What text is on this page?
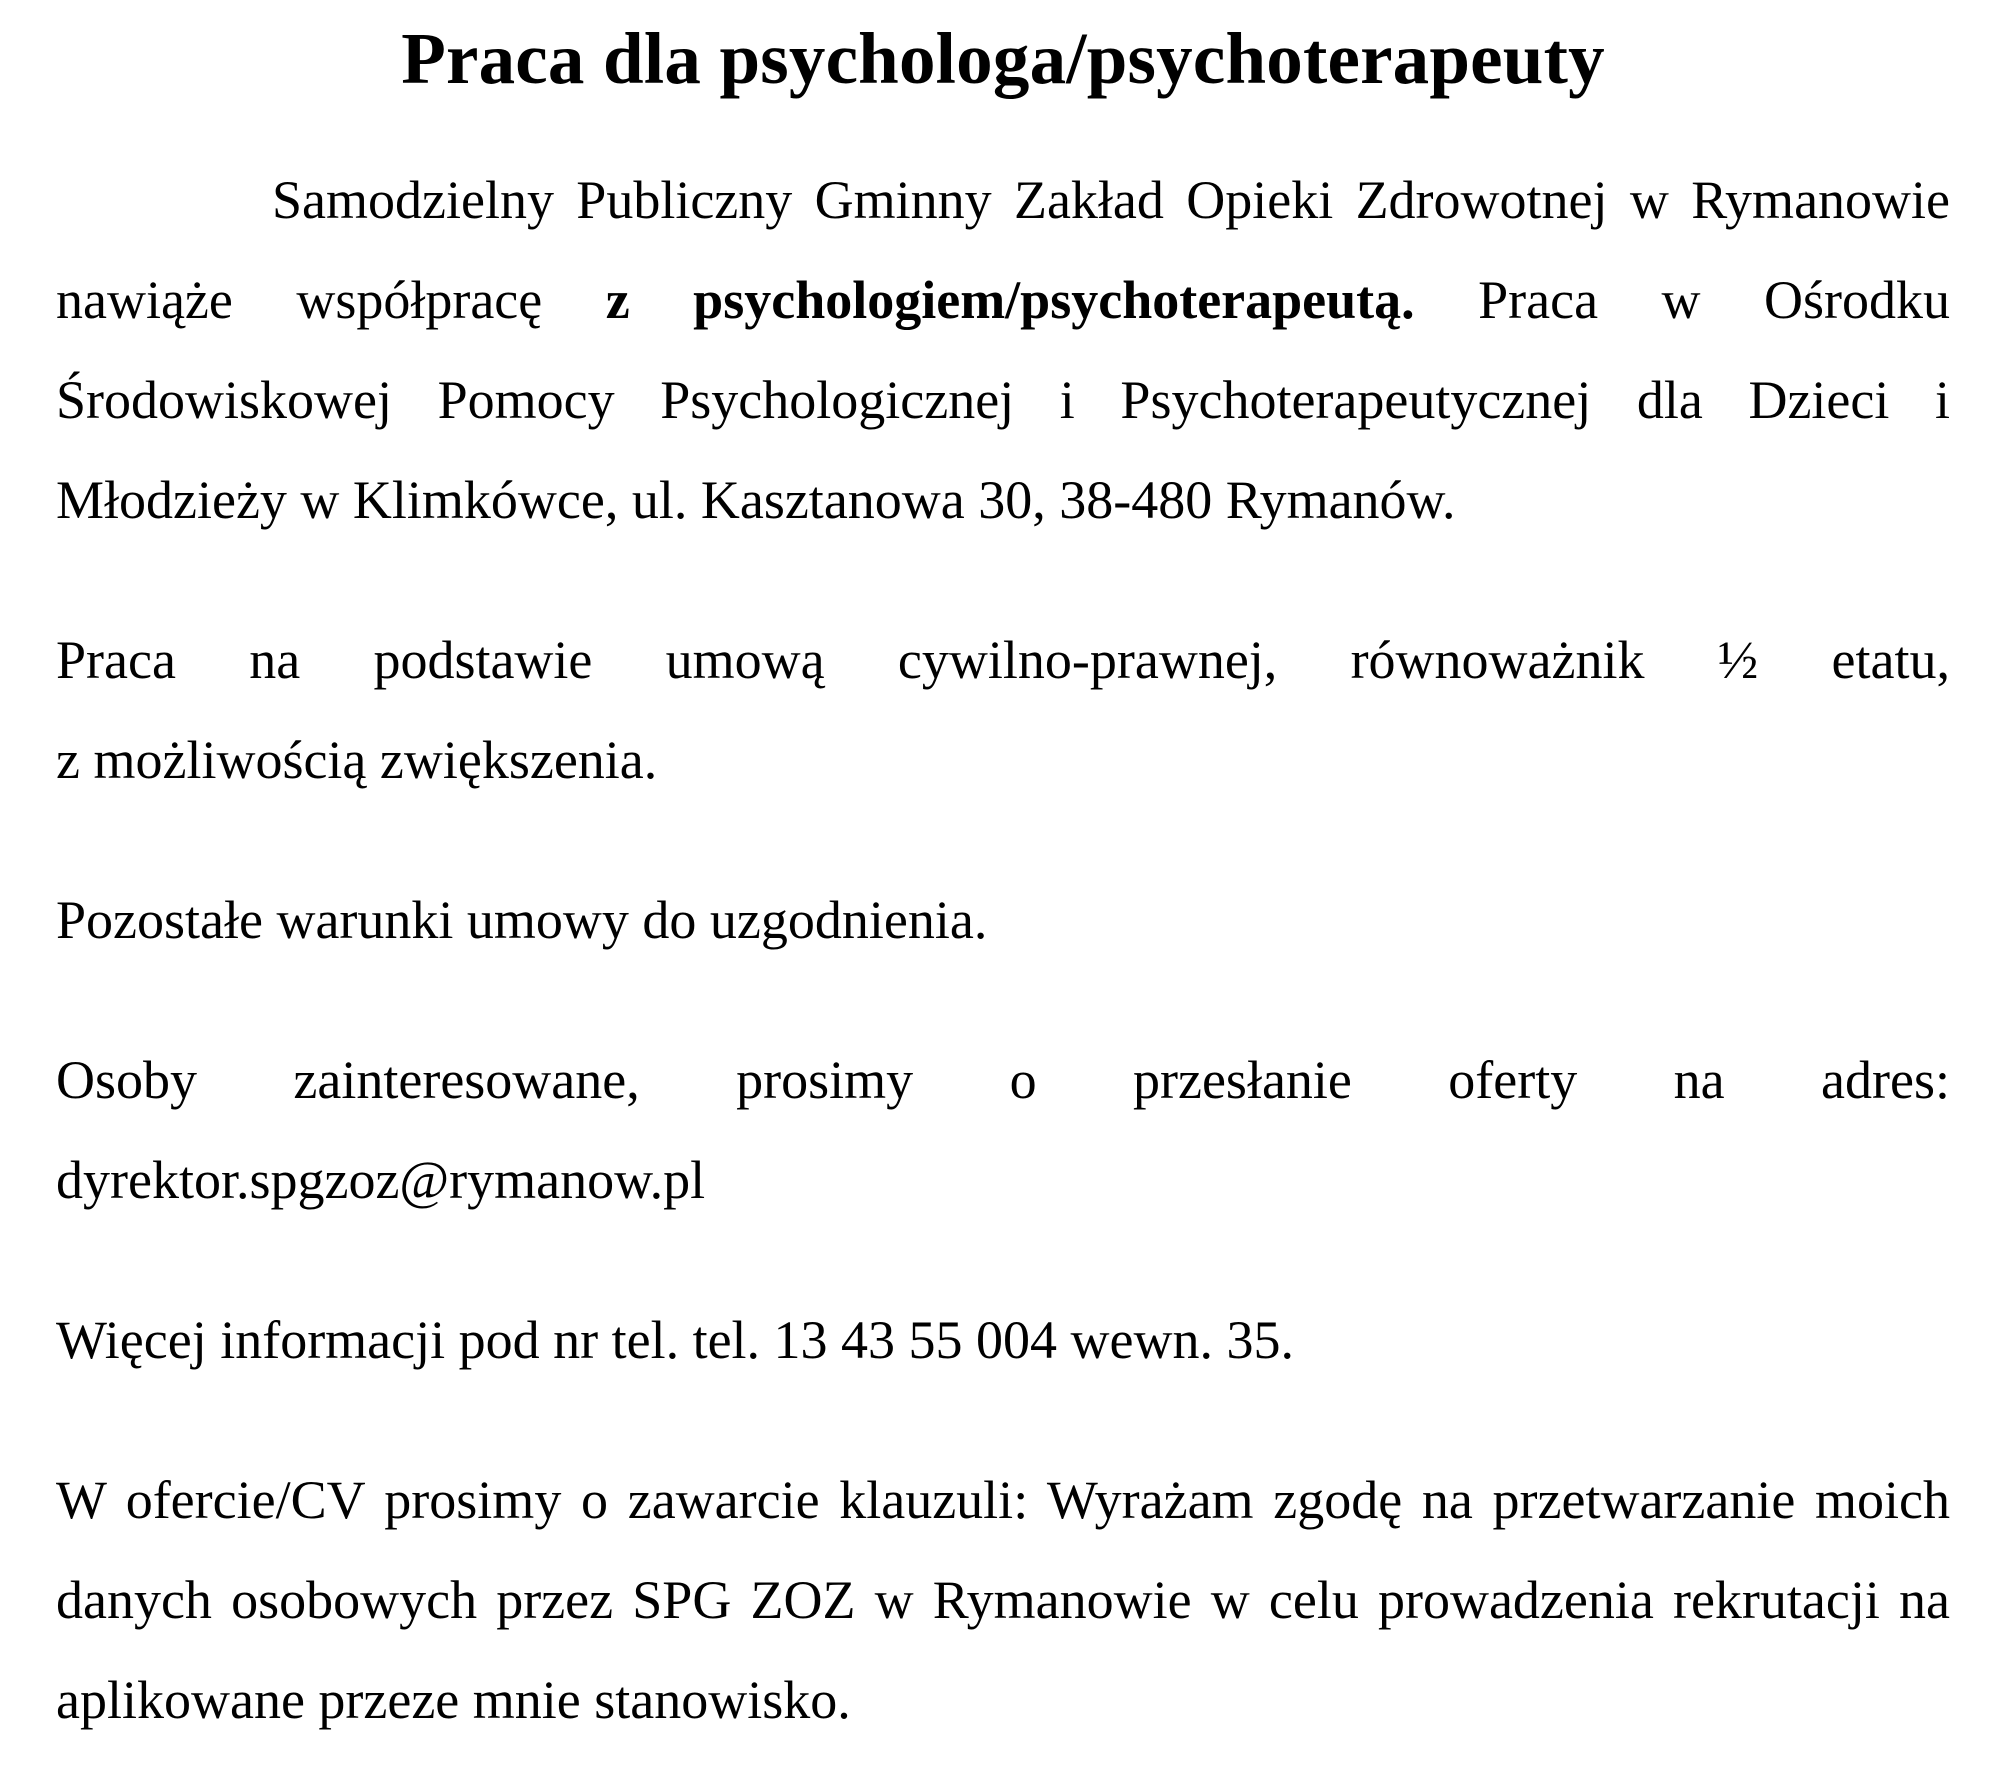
Praca dla psychologa/psychoterapeuty

Samodzielny Publiczny Gminny Zakład Opieki Zdrowotnej w Rymanowie nawiąże współpracę z psychologiem/psychoterapeutą. Praca w Ośrodku Środowiskowej Pomocy Psychologicznej i Psychoterapeutycznej dla Dzieci i Młodzieży w Klimkówce, ul. Kasztanowa 30, 38-480 Rymanów.

Praca na podstawie umową cywilno-prawnej, równoważnik ½ etatu,
z możliwością zwiększenia.

Pozostałe warunki umowy do uzgodnienia.

Osoby zainteresowane, prosimy o przesłanie oferty na adres:
dyrektor.spgzoz@rymanow.pl

Więcej informacji pod nr tel. tel. 13 43 55 004 wewn. 35.

W ofercie/CV prosimy o zawarcie klauzuli: Wyrażam zgodę na przetwarzanie moich danych osobowych przez SPG ZOZ w Rymanowie w celu prowadzenia rekrutacji na aplikowane przeze mnie stanowisko.
